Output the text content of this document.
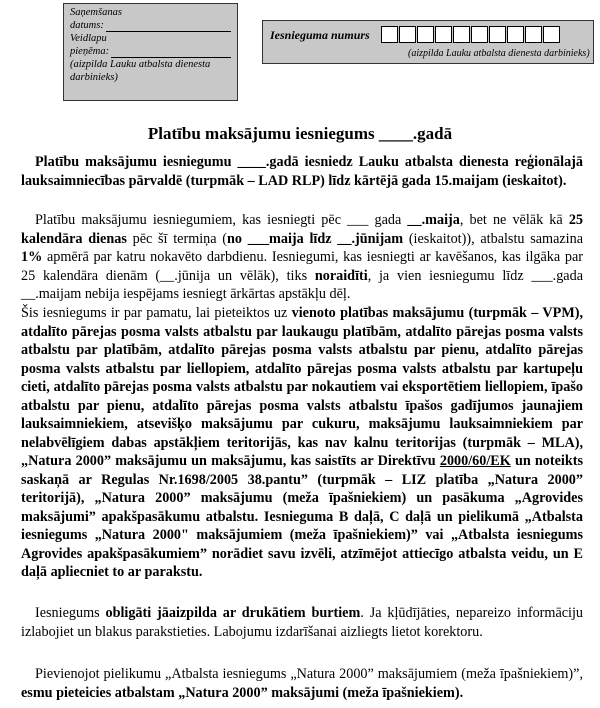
Saņemšanas
datums:
Veidlapu
pieņēma:
(aizpilda Lauku atbalsta dienesta
darbinieks)
Iesnieguma numurs
(aizpilda Lauku atbalsta dienesta darbinieks)
Platību maksājumu iesniegums ____.gadā

Platību maksājumu iesniegumu ____.gadā iesniedz Lauku atbalsta dienesta reģionālajā lauksaimniecības pārvaldē (turpmāk – LAD RLP) līdz kārtējā gada 15.maijam (ieskaitot).

Platību maksājumu iesniegumiem, kas iesniegti pēc ___ gada __.maija, bet ne vēlāk kā 25 kalendāra dienas pēc šī termiņa (no ___maija līdz __.jūnijam (ieskaitot)), atbalstu samazina 1% apmērā par katru nokavēto darbdienu. Iesniegumi, kas iesniegti ar kavēšanos, kas ilgāka par 25 kalendāra dienām (__.jūnija un vēlāk), tiks noraidīti, ja vien iesniegumu līdz ___.gada __.maijam nebija iespējams iesniegt ārkārtas apstākļu dēļ.

Šis iesniegums ir par pamatu, lai pieteiktos uz vienoto platības maksājumu (turpmāk – VPM), atdalīto pārejas posma valsts atbalstu par laukaugu platībām, atdalīto pārejas posma valsts atbalstu par platībām, atdalīto pārejas posma valsts atbalstu par pienu, atdalīto pārejas posma valsts atbalstu par liellopiem, atdalīto pārejas posma valsts atbalstu par kartupeļu cieti, atdalīto pārejas posma valsts atbalstu par nokautiem vai eksportētiem liellopiem, īpašo atbalstu par pienu, atdalīto pārejas posma valsts atbalstu īpašos gadījumos jaunajiem lauksaimniekiem, atsevišķo maksājumu par cukuru, maksājumu lauksaimniekiem par nelabvēlīgiem dabas apstākļiem teritorijās, kas nav kalnu teritorijas (turpmāk – MLA), „Natura 2000” maksājumu un maksājumu, kas saistīts ar Direktīvu 2000/60/EK un noteikts saskaņā ar Regulas Nr.1698/2005 38.pantu” (turpmāk – LIZ platība „Natura 2000” teritorijā), „Natura 2000” maksājumu (meža īpašniekiem) un pasākuma „Agrovides maksājumi” apakšpasākumu atbalstu. Iesnieguma B daļā, C daļā un pielikumā „Atbalsta iesniegums „Natura 2000" maksājumiem (meža īpašniekiem)” vai „Atbalsta iesniegums Agrovides apakšpasākumiem” norādiet savu izvēli, atzīmējot attiecīgo atbalsta veidu, un E daļā apliecniet to ar parakstu.

Iesniegums obligāti jāaizpilda ar drukātiem burtiem. Ja kļūdījāties, nepareizo informāciju izlabojiet un blakus parakstieties. Labojumu izdarīšanai aizliegts lietot korektoru.

Pievienojot pielikumu „Atbalsta iesniegums „Natura 2000” maksājumiem (meža īpašniekiem)”, esmu pieteicies atbalstam „Natura 2000” maksājumi (meža īpašniekiem).
